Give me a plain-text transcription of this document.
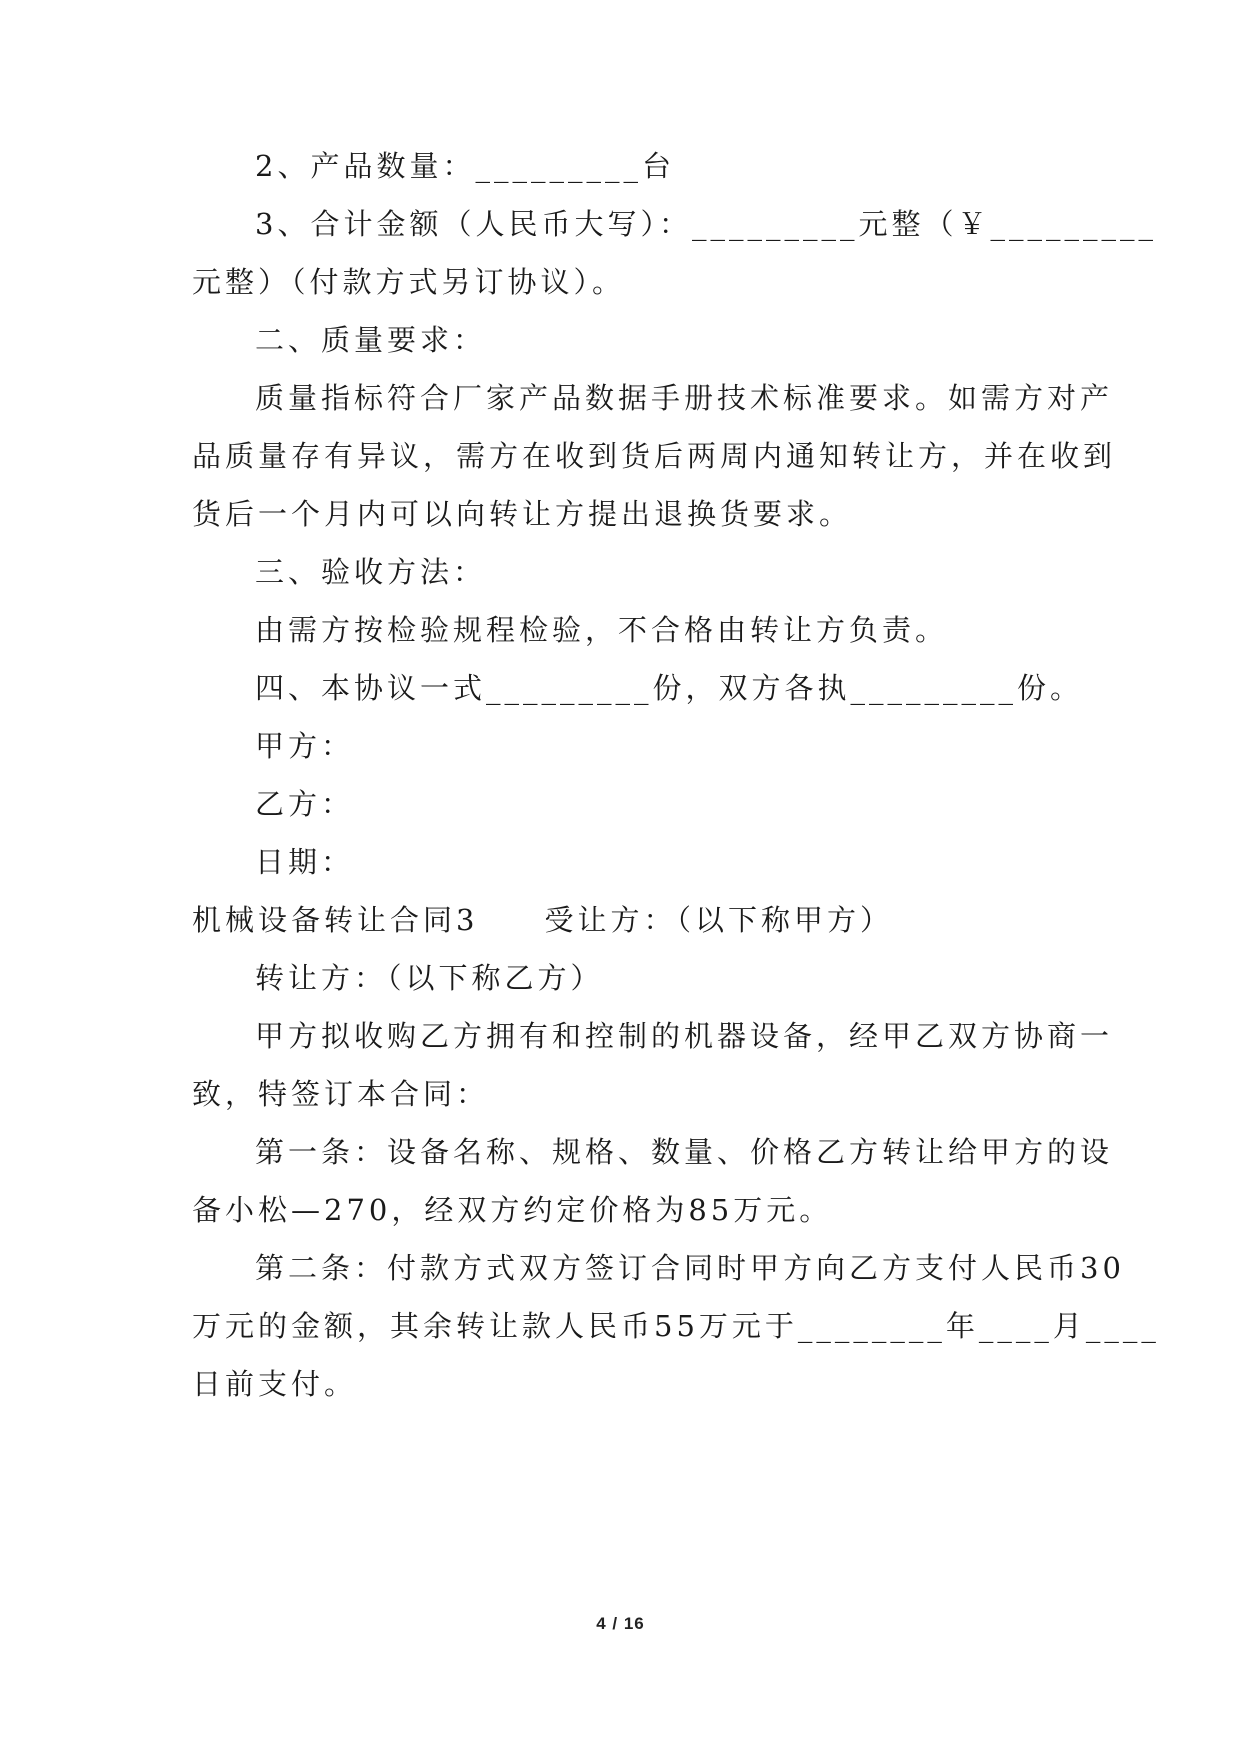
2、产品数量：_________台
3、合计金额（人民币大写）：_________元整（￥_________
元整）（付款方式另订协议）。
二、质量要求：
质量指标符合厂家产品数据手册技术标准要求。如需方对产
品质量存有异议，需方在收到货后两周内通知转让方，并在收到
货后一个月内可以向转让方提出退换货要求。
三、验收方法：
由需方按检验规程检验，不合格由转让方负责。
四、本协议一式_________份，双方各执_________份。
甲方：
乙方：
日期：
机械设备转让合同3　　受让方：（以下称甲方）
转让方：（以下称乙方）
甲方拟收购乙方拥有和控制的机器设备，经甲乙双方协商一
致，特签订本合同：
第一条：设备名称、规格、数量、价格乙方转让给甲方的设
备小松—270，经双方约定价格为85万元。
第二条：付款方式双方签订合同时甲方向乙方支付人民币30
万元的金额，其余转让款人民币55万元于________年____月____
日前支付。
4 / 16
